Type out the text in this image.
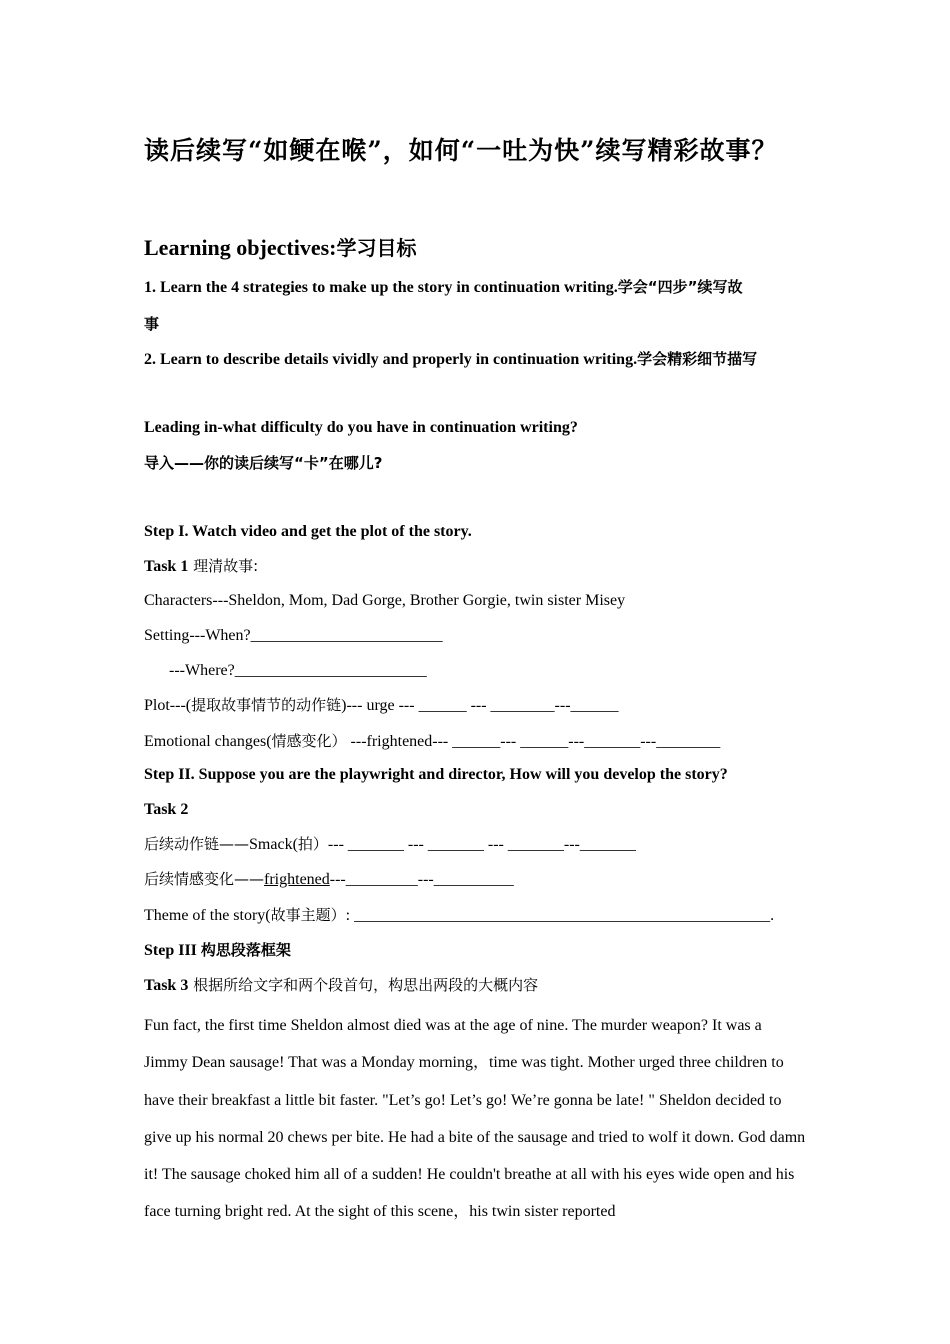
读后续写“如鲠在喉”，如何“一吐为快”续写精彩故事？
Learning objectives:学习目标
1. Learn the 4 strategies to make up the story in continuation writing.学会“四步”续写故
事
2. Learn to describe details vividly and properly in continuation writing.学会精彩细节描写
Leading in-what difficulty do you have in continuation writing?
导入——你的读后续写“卡”在哪儿?
Step I. Watch video and get the plot of the story.
Task 1 理清故事:
Characters---Sheldon, Mom, Dad Gorge, Brother Gorgie, twin sister Misey
Setting---When?________________________
---Where?________________________
Plot---(提取故事情节的动作链)--- urge --- ______ --- ________---______
Emotional changes(情感变化） ---frightened--- ______--- ______---_______---________
Step II. Suppose you are the playwright and director, How will you develop the story?
Task 2
后续动作链——Smack(拍）--- _______ --- _______ --- _______---_______
后续情感变化——frightened---_________---__________
Theme of the story(故事主题）: ____________________________________________________.
Step III 构思段落框架
Task 3 根据所给文字和两个段首句，构思出两段的大概内容
Fun fact, the first time Sheldon almost died was at the age of nine. The murder weapon? It was a Jimmy Dean sausage! That was a Monday morning，time was tight. Mother urged three children to have their breakfast a little bit faster. "Let’s go! Let’s go! We’re gonna be late! " Sheldon decided to give up his normal 20 chews per bite. He had a bite of the sausage and tried to wolf it down. God damn it! The sausage choked him all of a sudden! He couldn't breathe at all with his eyes wide open and his face turning bright red. At the sight of this scene，his twin sister reported
